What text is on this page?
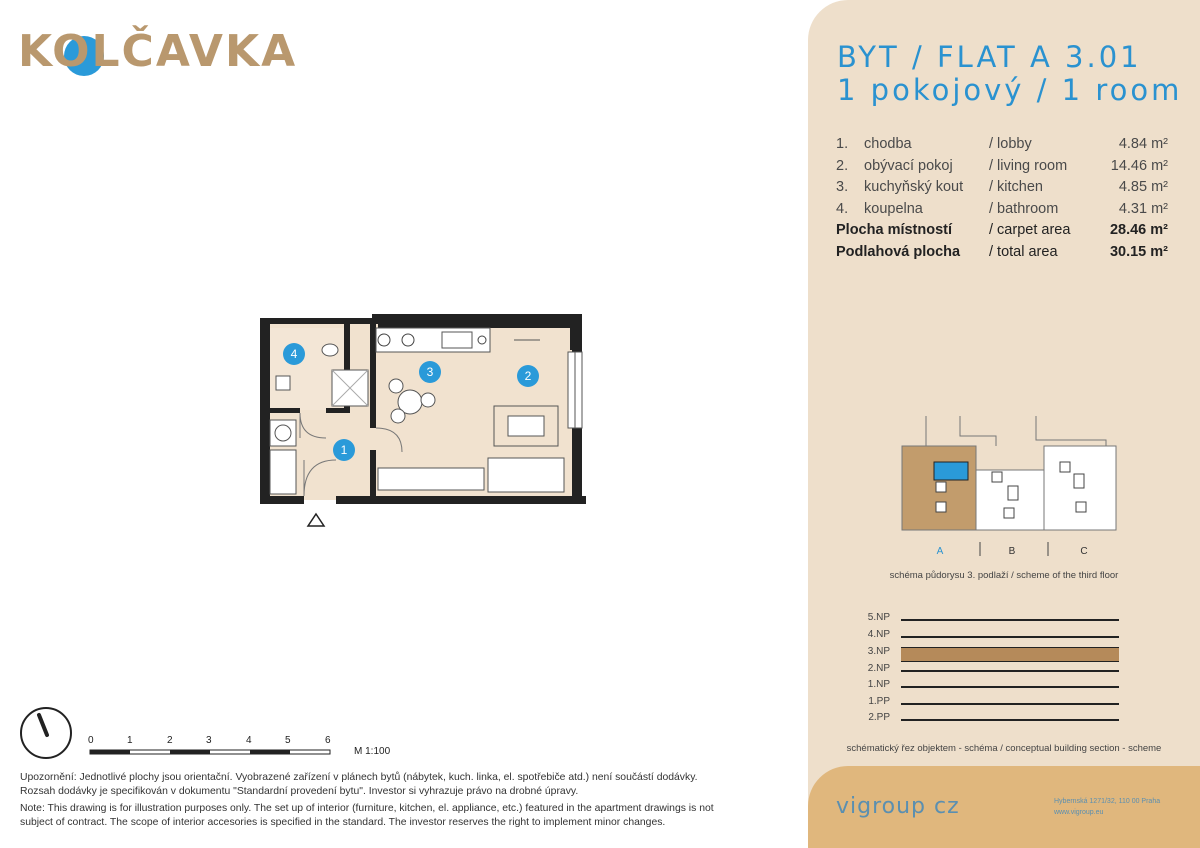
KOLČAVKA
4
3	2
1
0	1	2	3	4	5	6
M 1:100

Upozornění: Jednotlivé plochy jsou orientační. Vyobrazené zařízení v plánech bytů (nábytek, kuch. linka, el. spotřebiče atd.) není součástí dodávky.

Rozsah dodávky je specifikován v dokumentu "Standardní provedení bytu". Investor si vyhrazuje právo na drobné úpravy.

Note: This drawing is for illustration purposes only. The set up of interior (furniture, kitchen, el. appliance, etc.) featured in the apartment drawings is not

subject of contract. The scope of interior accesories is specified in the standard. The investor reserves the right to implement minor changes.

BYT / FLAT A 3.01
1 pokojový / 1 room
1. chodba	/ lobby	4.84 m²
2. obývací pokoj	/ living room	14.46 m²
3. kuchyňský kout / kitchen	4.85 m²
4. koupelna	/ bathroom	4.31 m²
Plocha místností	/ carpet area	28.46 m²
Podlahová plocha / total area	30.15 m²
A	B	C
schéma půdorysu 3. podlaží / scheme of the third floor
5.NP
4.NP
3.NP
2.NP
1.NP
1.PP
2.PP
schématický řez objektem - schéma / conceptual building section - scheme
vigroup cz	Hybernská 1271/32, 110 00 Praha
www.vigroup.eu
